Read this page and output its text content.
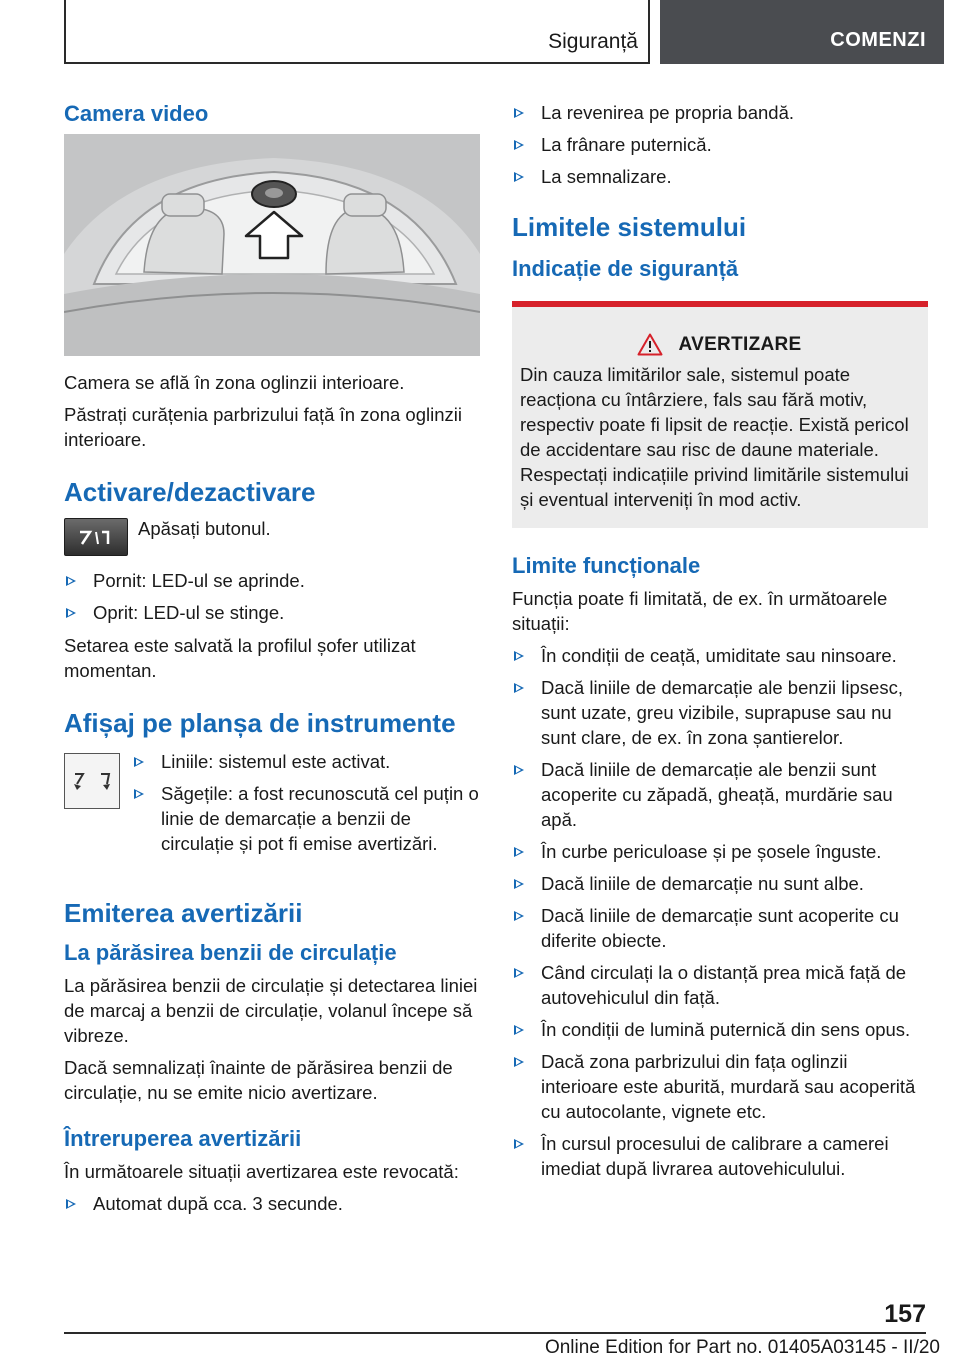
Siguranță	COMENZI
Camera video

Camera se află în zona oglinzii interioare.

Păstrați curățenia parbrizului față în zona oglinzii interioare.

Activare/dezactivare

Apăsați butonul.

Pornit: LED-ul se aprinde.
Oprit: LED-ul se stinge.

Setarea este salvată la profilul șofer utilizat momentan.

Afișaj pe planșa de instrumente
Liniile: sistemul este activat.
Săgețile: a fost recunoscută cel puțin o linie de demarcație a benzii de circulație și pot fi emise avertizări.
Emiterea avertizării
La părăsirea benzii de circulație

La părăsirea benzii de circulație și detectarea liniei de marcaj a benzii de circulație, volanul începe să vibreze.

Dacă semnalizați înainte de părăsirea benzii de circulație, nu se emite nicio avertizare.

Întreruperea avertizării

În următoarele situații avertizarea este revocată:

Automat după cca. 3 secunde.
La revenirea pe propria bandă.
La frânare puternică.
La semnalizare.
Limitele sistemului
Indicație de siguranță
AVERTIZARE

Din cauza limitărilor sale, sistemul poate reacționa cu întârziere, fals sau fără motiv, respectiv poate fi lipsit de reacție. Există pericol de accidentare sau risc de daune materiale. Respectați indicațiile privind limitările sistemului și eventual interveniți în mod activ.

Limite funcționale

Funcția poate fi limitată, de ex. în următoarele situații:

În condiții de ceață, umiditate sau ninsoare.
Dacă liniile de demarcație ale benzii lipsesc, sunt uzate, greu vizibile, suprapuse sau nu sunt clare, de ex. în zona șantierelor.
Dacă liniile de demarcație ale benzii sunt acoperite cu zăpadă, gheață, murdărie sau apă.
În curbe periculoase și pe șosele înguste.
Dacă liniile de demarcație nu sunt albe.
Dacă liniile de demarcație sunt acoperite cu diferite obiecte.
Când circulați la o distanță prea mică față de autovehiculul din față.
În condiții de lumină puternică din sens opus.
Dacă zona parbrizului din fața oglinzii interioare este aburită, murdară sau acoperită cu autocolante, vignete etc.
În cursul procesului de calibrare a camerei imediat după livrarea autovehiculului.
157
Online Edition for Part no. 01405A03145 - II/20
